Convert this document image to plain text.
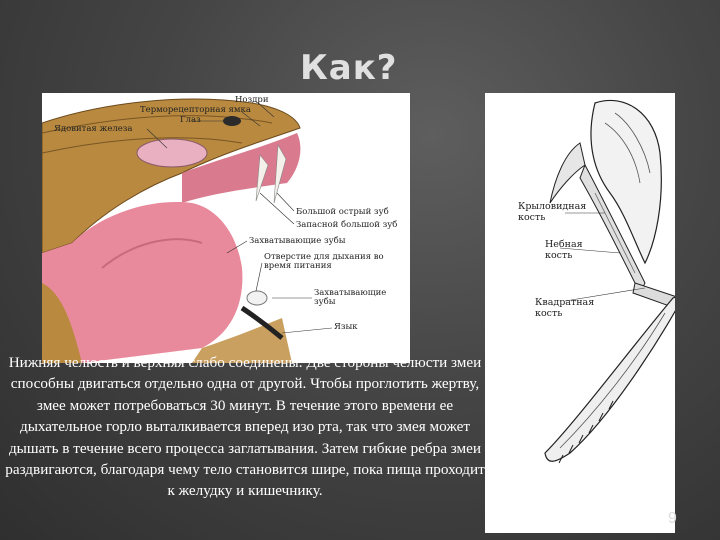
Как?
Ноздри
Терморецепторная ямка
Глаз
Ядовитая железа
Большой острый зуб
Запасной большой зуб
Захватывающие зубы
Отверстие для дыхания во время питания
Захватывающие зубы
Язык
Крыловидная кость
Небная кость
Квадратная кость
Нижняя челюсть и верхняя слабо соединены. Две стороны челюсти змеи способны двигаться отдельно одна от другой. Чтобы проглотить жертву, змее может потребоваться 30 минут. В течение этого времени ее дыхательное горло выталкивается вперед изо рта, так что змея может дышать в течение всего процесса заглатывания. Затем гибкие ребра змеи раздвигаются, благодаря чему тело становится шире, пока пища проходит к желудку и кишечнику.
9
